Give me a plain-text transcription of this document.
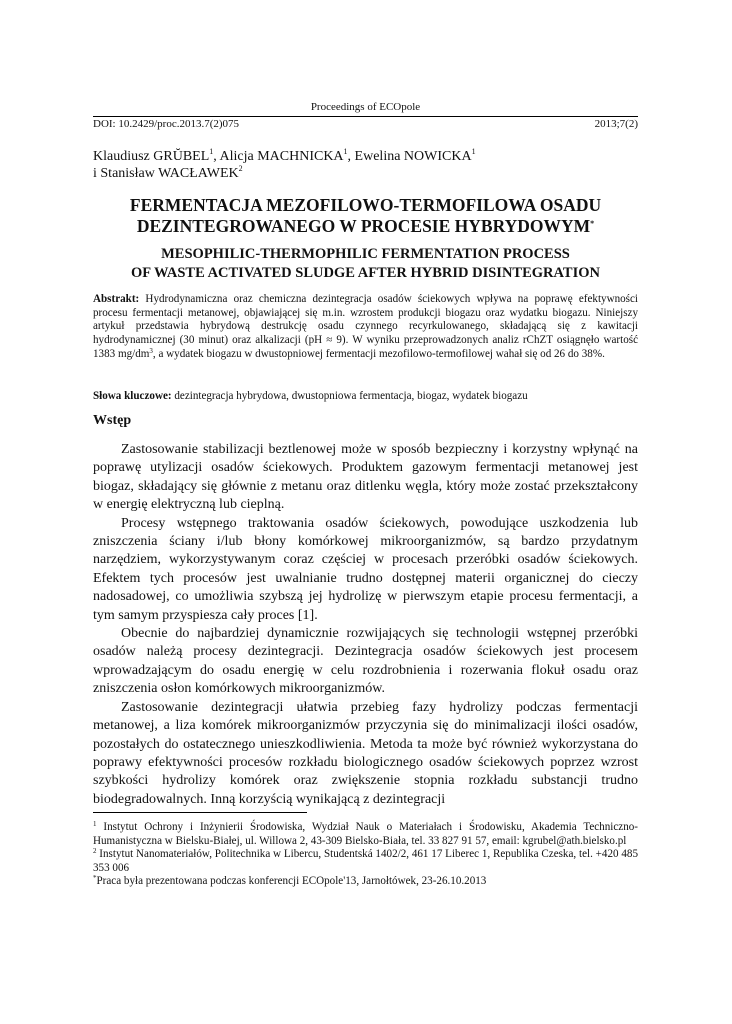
Proceedings of ECOpole
DOI: 10.2429/proc.2013.7(2)075	2013;7(2)
Klaudiusz GRŬBEL$^1$, Alicja MACHNICKA$^1$, Ewelina NOWICKA$^1$
i Stanisław WACŁAWEK$^2$
FERMENTACJA MEZOFILOWO-TERMOFILOWA OSADU
DEZINTEGROWANEGO W PROCESIE HYBRYDOWYM*
MESOPHILIC-THERMOPHILIC FERMENTATION PROCESS
OF WASTE ACTIVATED SLUDGE AFTER HYBRID DISINTEGRATION
Abstrakt: Hydrodynamiczna oraz chemiczna dezintegracja osadów ściekowych wpływa na poprawę efektywności procesu fermentacji metanowej, objawiającej się m.in. wzrostem produkcji biogazu oraz wydatku biogazu. Niniejszy artykuł przedstawia hybrydową destrukcję osadu czynnego recyrkulowanego, składającą się z kawitacji hydrodynamicznej (30 minut) oraz alkalizacji (pH ≈ 9). W wyniku przeprowadzonych analiz rChZT osiągnęło wartość 1383 $mg/dm^3$, a wydatek biogazu w dwustopniowej fermentacji mezofilowo-termofilowej wahał się od 26 do 38%.
Słowa kluczowe: dezintegracja hybrydowa, dwustopniowa fermentacja, biogaz, wydatek biogazu
Wstęp

Zastosowanie stabilizacji beztlenowej może w sposób bezpieczny i korzystny wpłynąć na poprawę utylizacji osadów ściekowych. Produktem gazowym fermentacji metanowej jest biogaz, składający się głównie z metanu oraz ditlenku węgla, który może zostać przekształcony w energię elektryczną lub cieplną.

Procesy wstępnego traktowania osadów ściekowych, powodujące uszkodzenia lub zniszczenia ściany i/lub błony komórkowej mikroorganizmów, są bardzo przydatnym narzędziem, wykorzystywanym coraz częściej w procesach przeróbki osadów ściekowych. Efektem tych procesów jest uwalnianie trudno dostępnej materii organicznej do cieczy nadosadowej, co umożliwia szybszą jej hydrolizę w pierwszym etapie procesu fermentacji, a tym samym przyspiesza cały proces [1].

Obecnie do najbardziej dynamicznie rozwijających się technologii wstępnej przeróbki osadów należą procesy dezintegracji. Dezintegracja osadów ściekowych jest procesem wprowadzającym do osadu energię w celu rozdrobnienia i rozerwania flokuł osadu oraz zniszczenia osłon komórkowych mikroorganizmów.

Zastosowanie dezintegracji ułatwia przebieg fazy hydrolizy podczas fermentacji metanowej, a liza komórek mikroorganizmów przyczynia się do minimalizacji ilości osadów, pozostałych do ostatecznego unieszkodliwienia. Metoda ta może być również wykorzystana do poprawy efektywności procesów rozkładu biologicznego osadów ściekowych poprzez wzrost szybkości hydrolizy komórek oraz zwiększenie stopnia rozkładu substancji trudno biodegradowalnych. Inną korzyścią wynikającą z dezintegracji

$^1$ Instytut Ochrony i Inżynierii Środowiska, Wydział Nauk o Materiałach i Środowisku, Akademia Techniczno-Humanistyczna w Bielsku-Białej, ul. Willowa 2, 43-309 Bielsko-Biała, tel. 33 827 91 57, email: kgrubel@ath.bielsko.pl

$^2$ Instytut Nanomateriałów, Politechnika w Libercu, Studentská 1402/2, 461 17 Liberec 1, Republika Czeska, tel. +420 485 353 006

*Praca była prezentowana podczas konferencji ECOpole'13, Jarnołtówek, 23-26.10.2013
